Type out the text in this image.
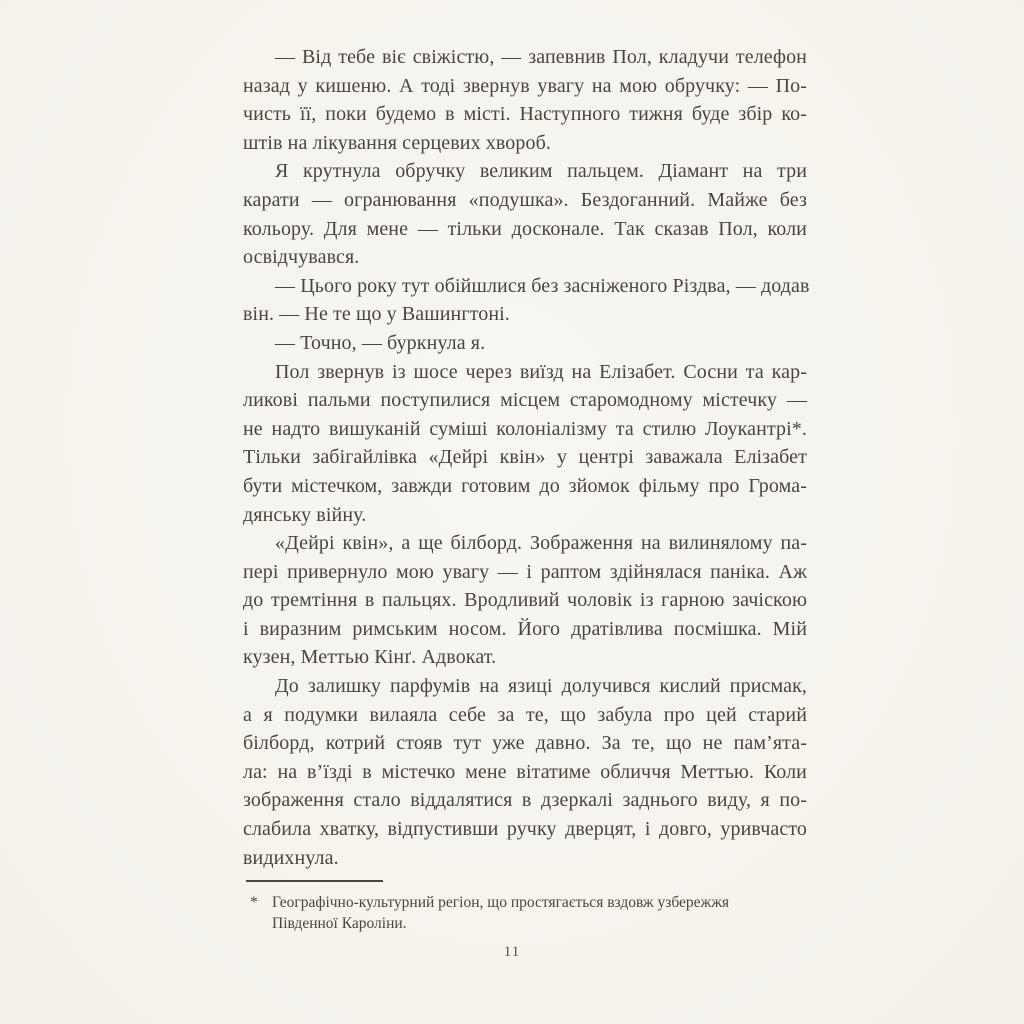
— Від тебе віє свіжістю, — запевнив Пол, кладучи телефон
назад у кишеню. А тоді звернув увагу на мою обручку: — По-
чисть її, поки будемо в місті. Наступного тижня буде збір ко-
штів на лікування серцевих хвороб.
Я крутнула обручку великим пальцем. Діамант на три
карати — огранювання «подушка». Бездоганний. Майже без
кольору. Для мене — тільки досконале. Так сказав Пол, коли
освідчувався.
— Цього року тут обійшлися без засніженого Різдва, — додав
він. — Не те що у Вашингтоні.
— Точно, — буркнула я.
Пол звернув із шосе через виїзд на Елізабет. Сосни та кар-
ликові пальми поступилися місцем старомодному містечку —
не надто вишуканій суміші колоніалізму та стилю Лоукантрі*.
Тільки забігайлівка «Дейрі квін» у центрі заважала Елізабет
бути містечком, завжди готовим до зйомок фільму про Грома-
дянську війну.
«Дейрі квін», а ще білборд. Зображення на вилинялому па-
пері привернуло мою увагу — і раптом здійнялася паніка. Аж
до тремтіння в пальцях. Вродливий чоловік із гарною зачіскою
і виразним римським носом. Його дратівлива посмішка. Мій
кузен, Меттью Кінґ. Адвокат.
До залишку парфумів на язиці долучився кислий присмак,
а я подумки вилаяла себе за те, що забула про цей старий
білборд, котрий стояв тут уже давно. За те, що не пам’ята-
ла: на в’їзді в містечко мене вітатиме обличчя Меттью. Коли
зображення стало віддалятися в дзеркалі заднього виду, я по-
слабила хватку, відпустивши ручку дверцят, і довго, уривчасто
видихнула.
* Географічно-культурний регіон, що простягається вздовж узбережжя
Південної Кароліни.
11
